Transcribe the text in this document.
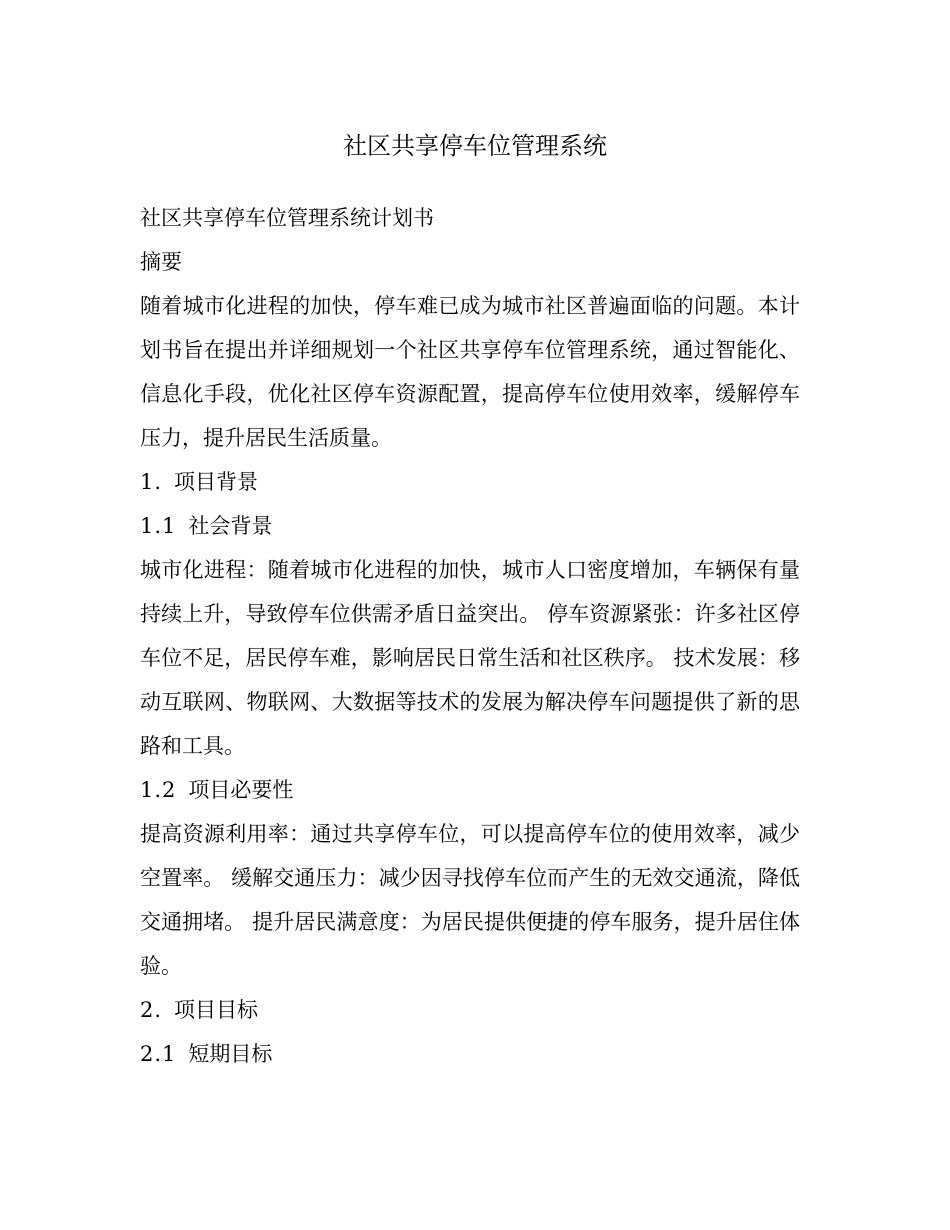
社区共享停车位管理系统

社区共享停车位管理系统计划书

摘要

随着城市化进程的加快，停车难已成为城市社区普遍面临的问题。本计划书旨在提出并详细规划一个社区共享停车位管理系统，通过智能化、信息化手段，优化社区停车资源配置，提高停车位使用效率，缓解停车压力，提升居民生活质量。

1. 项目背景

1.1 社会背景

城市化进程：随着城市化进程的加快，城市人口密度增加，车辆保有量持续上升，导致停车位供需矛盾日益突出。 停车资源紧张：许多社区停车位不足，居民停车难，影响居民日常生活和社区秩序。 技术发展：移动互联网、物联网、大数据等技术的发展为解决停车问题提供了新的思路和工具。

1.2 项目必要性

提高资源利用率：通过共享停车位，可以提高停车位的使用效率，减少空置率。 缓解交通压力：减少因寻找停车位而产生的无效交通流，降低交通拥堵。 提升居民满意度：为居民提供便捷的停车服务，提升居住体验。

2. 项目目标

2.1 短期目标
